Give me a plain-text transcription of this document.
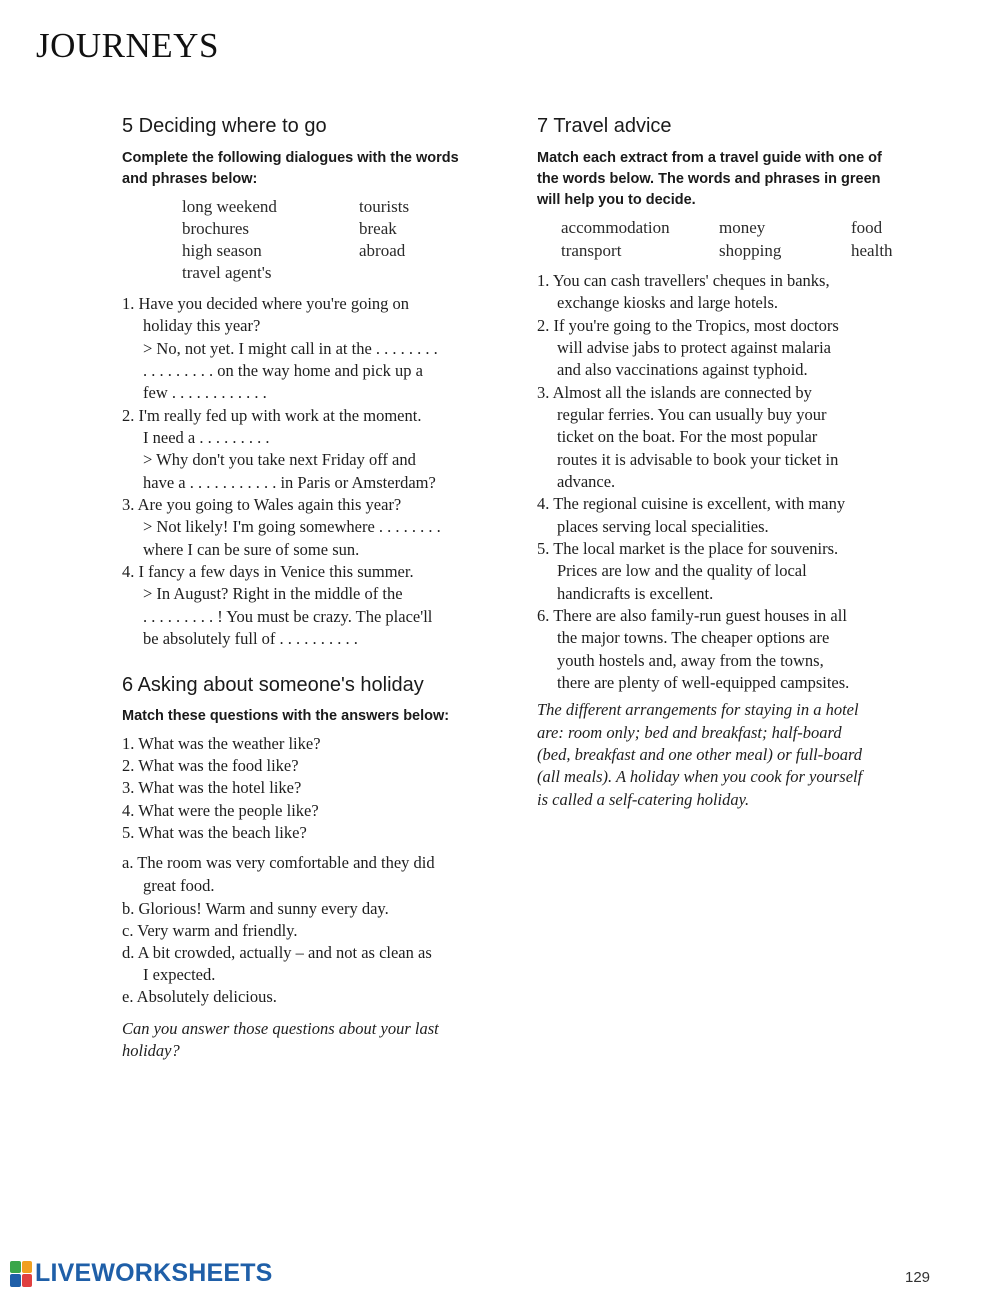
JOURNEYS
5 Deciding where to go
Complete the following dialogues with the words
and phrases below:
long weekend	tourists
brochures	break
high season	abroad
travel agent's
1. Have you decided where you're going on
holiday this year?
> No, not yet. I might call in at the . . . . . . . .
. . . . . . . . . on the way home and pick up a
few . . . . . . . . . . . .
2. I'm really fed up with work at the moment.
I need a . . . . . . . . .
> Why don't you take next Friday off and
have a . . . . . . . . . . . in Paris or Amsterdam?
3. Are you going to Wales again this year?
> Not likely! I'm going somewhere . . . . . . . .
where I can be sure of some sun.
4. I fancy a few days in Venice this summer.
> In August? Right in the middle of the
. . . . . . . . . ! You must be crazy. The place'll
be absolutely full of . . . . . . . . . .
6 Asking about someone's holiday
Match these questions with the answers below:
1. What was the weather like?
2. What was the food like?
3. What was the hotel like?
4. What were the people like?
5. What was the beach like?
a. The room was very comfortable and they did
great food.
b. Glorious! Warm and sunny every day.
c. Very warm and friendly.
d. A bit crowded, actually – and not as clean as
I expected.
e. Absolutely delicious.
Can you answer those questions about your last
holiday?
7 Travel advice
Match each extract from a travel guide with one of
the words below. The words and phrases in green
will help you to decide.
accommodation	money	food
transport	shopping	health
1. You can cash travellers' cheques in banks,
exchange kiosks and large hotels.
2. If you're going to the Tropics, most doctors
will advise jabs to protect against malaria
and also vaccinations against typhoid.
3. Almost all the islands are connected by
regular ferries. You can usually buy your
ticket on the boat. For the most popular
routes it is advisable to book your ticket in
advance.
4. The regional cuisine is excellent, with many
places serving local specialities.
5. The local market is the place for souvenirs.
Prices are low and the quality of local
handicrafts is excellent.
6. There are also family-run guest houses in all
the major towns. The cheaper options are
youth hostels and, away from the towns,
there are plenty of well-equipped campsites.
The different arrangements for staying in a hotel
are: room only; bed and breakfast; half-board
(bed, breakfast and one other meal) or full-board
(all meals). A holiday when you cook for yourself
is called a self-catering holiday.
LIVEWORKSHEETS	129
